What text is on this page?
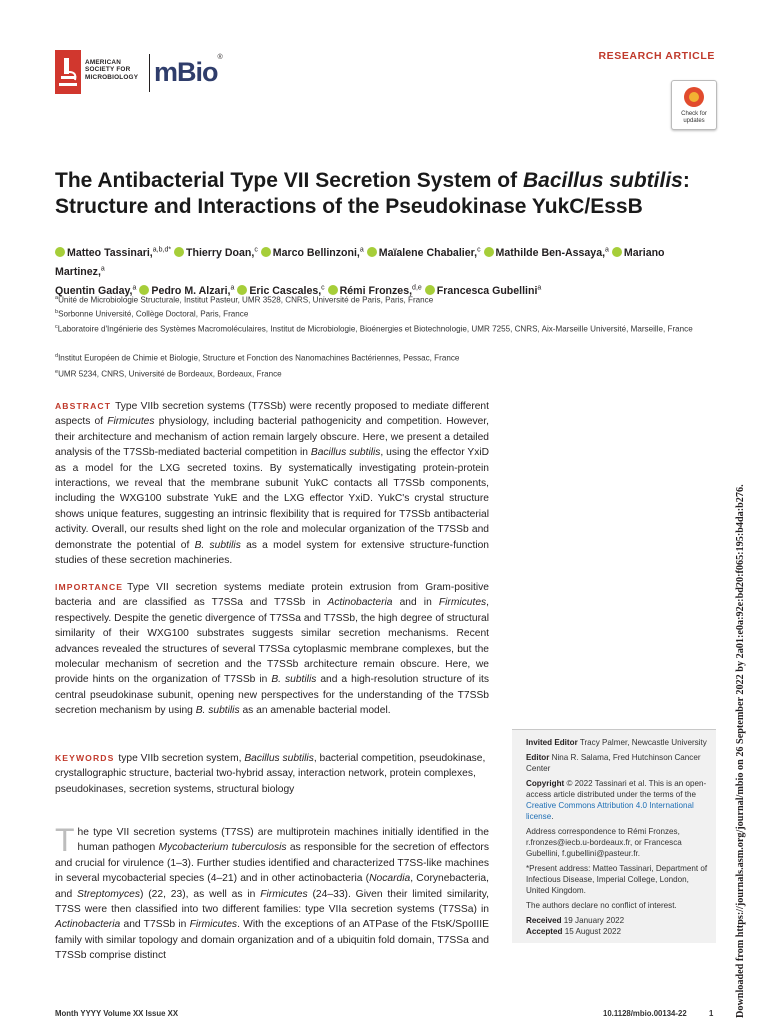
AMERICAN
SOCIETY FOR
MICROBIOLOGY mBio®	RESEARCH ARTICLE
Check for
updates
The Antibacterial Type VII Secretion System of Bacillus subtilis:
Structure and Interactions of the Pseudokinase YukC/EssB
Matteo Tassinari,$^{a,b,d*}$ Thierry Doan,$^c$ Marco Bellinzoni,$^a$ Maïalene Chabalier,$^c$ Mathilde Ben-Assaya,$^a$ Mariano Martinez,$^a$
Quentin Gaday,$^a$ Pedro M. Alzari,$^a$ Eric Cascales,$^c$ Rémi Fronzes,$^{d,e}$ Francesca Gubellini$^a$
$^a$Unité de Microbiologie Structurale, Institut Pasteur, UMR 3528, CNRS, Université de Paris, Paris, France
$^b$Sorbonne Université, Collège Doctoral, Paris, France
$^c$Laboratoire d'Ingénierie des Systèmes Macromoléculaires, Institut de Microbiologie, Bioénergies et Biotechnologie, UMR 7255, CNRS, Aix-Marseille Université, Marseille, France
$^d$Institut Européen de Chimie et Biologie, Structure et Fonction des Nanomachines Bactériennes, Pessac, France
$^e$UMR 5234, CNRS, Université de Bordeaux, Bordeaux, France
ABSTRACT Type VIIb secretion systems (T7SSb) were recently proposed to mediate different aspects of Firmicutes physiology, including bacterial pathogenicity and competition. However, their architecture and mechanism of action remain largely obscure. Here, we present a detailed analysis of the T7SSb-mediated bacterial competition in Bacillus subtilis, using the effector YxiD as a model for the LXG secreted toxins. By systematically investigating protein-protein interactions, we reveal that the membrane subunit YukC contacts all T7SSb components, including the WXG100 substrate YukE and the LXG effector YxiD. YukC's crystal structure shows unique features, suggesting an intrinsic flexibility that is required for T7SSb antibacterial activity. Overall, our results shed light on the role and molecular organization of the T7SSb and demonstrate the potential of B. subtilis as a model system for extensive structure-function studies of these secretion machineries.
IMPORTANCE Type VII secretion systems mediate protein extrusion from Gram-positive bacteria and are classified as T7SSa and T7SSb in Actinobacteria and in Firmicutes, respectively. Despite the genetic divergence of T7SSa and T7SSb, the high degree of structural similarity of their WXG100 substrates suggests similar secretion mechanisms. Recent advances revealed the structures of several T7SSa cytoplasmic membrane complexes, but the molecular mechanism of secretion and the T7SSb architecture remain obscure. Here, we provide hints on the organization of T7SSb in B. subtilis and a high-resolution structure of its central pseudokinase subunit, opening new perspectives for the understanding of the T7SSb secretion mechanism by using B. subtilis as an amenable bacterial model.
KEYWORDS type VIIb secretion system, Bacillus subtilis, bacterial competition, pseudokinase, crystallographic structure, bacterial two-hybrid assay, interaction network, protein complexes, pseudokinases, secretion systems, structural biology

Invited Editor Tracy Palmer, Newcastle University

Editor Nina R. Salama, Fred Hutchinson Cancer Center

Copyright © 2022 Tassinari et al. This is an open-access article distributed under the terms of the Creative Commons Attribution 4.0 International license.

Address correspondence to Rémi Fronzes, r.fronzes@iecb.u-bordeaux.fr, or Francesca Gubellini, f.gubellini@pasteur.fr.

*Present address: Matteo Tassinari, Department of Infectious Disease, Imperial College, London, United Kingdom.

The authors declare no conflict of interest.

Received 19 January 2022

Accepted 15 August 2022

The type VII secretion systems (T7SS) are multiprotein machines initially identified in the human pathogen Mycobacterium tuberculosis as responsible for the secretion of effectors and crucial for virulence (1–3). Further studies identified and characterized T7SS-like machines in several mycobacterial species (4–21) and in other actinobacteria (Nocardia, Corynebacteria, and Streptomyces) (22, 23), as well as in Firmicutes (24–33). Given their limited similarity, T7SS were then classified into two different families: type VIIa secretion systems (T7SSa) in Actinobacteria and T7SSb in Firmicutes. With the exceptions of an ATPase of the FtsK/SpoIIIE family with similar topology and domain organization and of a ubiquitin fold domain, T7SSa and T7SSb comprise distinct	Downloaded from https://journals.asm.org/journal/mbio on 26 September 2022 by 2a01:e0a:92e:bd20:f065:195:b4da:b276.
Month YYYY Volume XX Issue XX	10.1128/mbio.00134-22	1
